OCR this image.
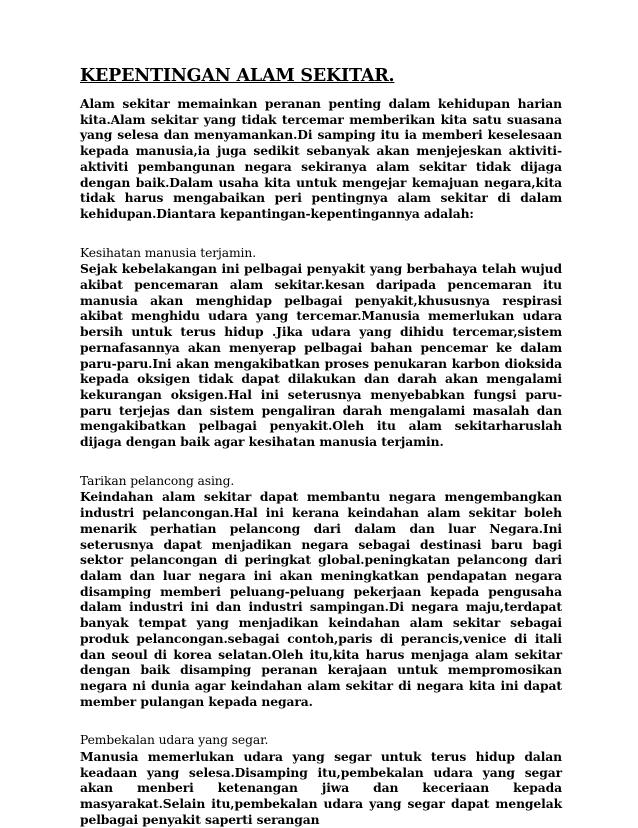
KEPENTINGAN ALAM SEKITAR.

Alam sekitar memainkan peranan penting dalam kehidupan harian kita.Alam sekitar yang tidak tercemar memberikan kita satu suasana yang selesa dan menyamankan.Di samping itu ia memberi keselesaan kepada manusia,ia juga sedikit sebanyak akan menjejeskan aktiviti-aktiviti pembangunan negara sekiranya alam sekitar tidak dijaga dengan baik.Dalam usaha kita untuk mengejar kemajuan negara,kita tidak harus mengabaikan peri pentingnya alam sekitar di dalam kehidupan.Diantara kepantingan-kepentingannya adalah:

Kesihatan manusia terjamin.

Sejak kebelakangan ini pelbagai penyakit yang berbahaya telah wujud akibat pencemaran alam sekitar.kesan daripada pencemaran itu manusia akan menghidap pelbagai penyakit,khususnya respirasi akibat menghidu udara yang tercemar.Manusia memerlukan udara bersih untuk terus hidup .Jika udara yang dihidu tercemar,sistem pernafasannya akan menyerap pelbagai bahan pencemar ke dalam paru-paru.Ini akan mengakibatkan proses penukaran karbon dioksida kepada oksigen tidak dapat dilakukan dan darah akan mengalami kekurangan oksigen.Hal ini seterusnya menyebabkan fungsi paru-paru terjejas dan sistem pengaliran darah mengalami masalah dan mengakibatkan pelbagai penyakit.Oleh itu alam sekitarharuslah dijaga dengan baik agar kesihatan manusia terjamin.

Tarikan pelancong asing.

Keindahan alam sekitar dapat membantu negara mengembangkan industri pelancongan.Hal ini kerana keindahan alam sekitar boleh menarik perhatian pelancong dari dalam dan luar Negara.Ini seterusnya dapat menjadikan negara sebagai destinasi baru bagi sektor pelancongan di peringkat global.peningkatan pelancong dari dalam dan luar negara ini akan meningkatkan pendapatan negara disamping memberi peluang-peluang pekerjaan kepada pengusaha dalam industri ini dan industri sampingan.Di negara maju,terdapat banyak tempat yang menjadikan keindahan alam sekitar sebagai produk pelancongan.sebagai contoh,paris di perancis,venice di itali dan seoul di korea selatan.Oleh itu,kita harus menjaga alam sekitar dengan baik disamping peranan kerajaan untuk mempromosikan negara ni dunia agar keindahan alam sekitar di negara kita ini dapat member pulangan kepada negara.

Pembekalan udara yang segar.

Manusia memerlukan udara yang segar untuk terus hidup dalan keadaan yang selesa.Disamping itu,pembekalan udara yang segar akan menberi ketenangan jiwa dan keceriaan kepada masyarakat.Selain itu,pembekalan udara yang segar dapat mengelak pelbagai penyakit saperti serangan
